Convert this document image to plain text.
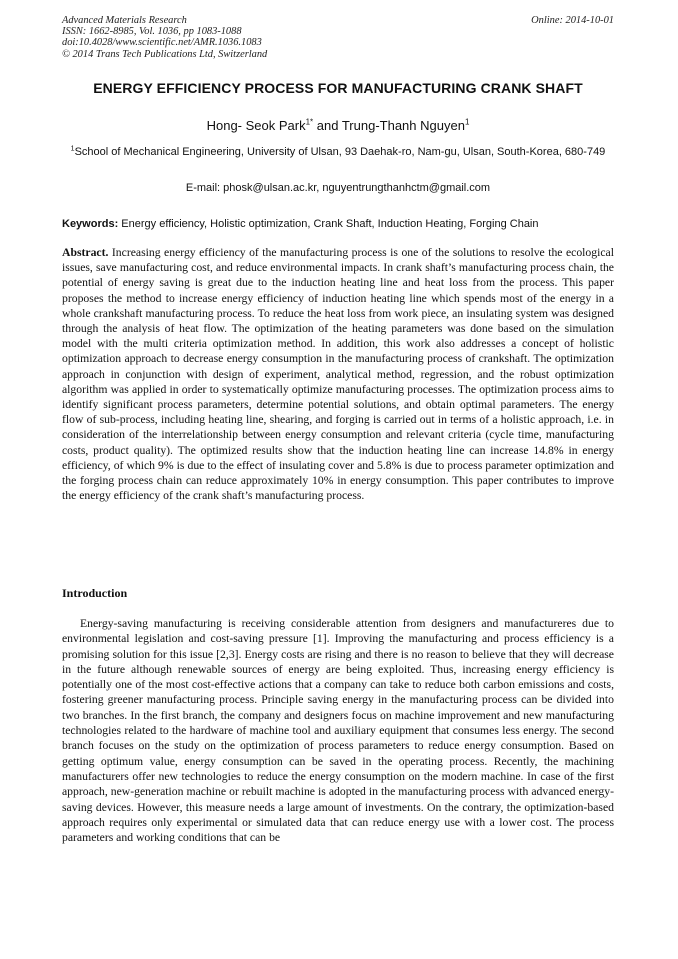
Advanced Materials Research
ISSN: 1662-8985, Vol. 1036, pp 1083-1088
doi:10.4028/www.scientific.net/AMR.1036.1083
© 2014 Trans Tech Publications Ltd, Switzerland
Online: 2014-10-01
ENERGY EFFICIENCY PROCESS FOR MANUFACTURING CRANK SHAFT
Hong- Seok Park$^{1*}$ and Trung-Thanh Nguyen$^1$
$^1$School of Mechanical Engineering, University of Ulsan, 93 Daehak-ro, Nam-gu, Ulsan, South-Korea, 680-749
E-mail: phosk@ulsan.ac.kr, nguyentrungthanhctm@gmail.com
Keywords: Energy efficiency, Holistic optimization, Crank Shaft, Induction Heating, Forging Chain

Abstract. Increasing energy efficiency of the manufacturing process is one of the solutions to resolve the ecological issues, save manufacturing cost, and reduce environmental impacts. In crank shaft’s manufacturing process chain, the potential of energy saving is great due to the induction heating line and heat loss from the process. This paper proposes the method to increase energy efficiency of induction heating line which spends most of the energy in a whole crankshaft manufacturing process. To reduce the heat loss from work piece, an insulating system was designed through the analysis of heat flow. The optimization of the heating parameters was done based on the simulation model with the multi criteria optimization method. In addition, this work also addresses a concept of holistic optimization approach to decrease energy consumption in the manufacturing process of crankshaft. The optimization approach in conjunction with design of experiment, analytical method, regression, and the robust optimization algorithm was applied in order to systematically optimize manufacturing processes. The optimization process aims to identify significant process parameters, determine potential solutions, and obtain optimal parameters. The energy flow of sub-process, including heating line, shearing, and forging is carried out in terms of a holistic approach, i.e. in consideration of the interrelationship between energy consumption and relevant criteria (cycle time, manufacturing costs, product quality). The optimized results show that the induction heating line can increase 14.8% in energy efficiency, of which 9% is due to the effect of insulating cover and 5.8% is due to process parameter optimization and the forging process chain can reduce approximately 10% in energy consumption. This paper contributes to improve the energy efficiency of the crank shaft’s manufacturing process.

Introduction

Energy-saving manufacturing is receiving considerable attention from designers and manufactureres due to environmental legislation and cost-saving pressure [1]. Improving the manufacturing and process efficiency is a promising solution for this issue [2,3]. Energy costs are rising and there is no reason to believe that they will decrease in the future although renewable sources of energy are being exploited. Thus, increasing energy efficiency is potentially one of the most cost-effective actions that a company can take to reduce both carbon emissions and costs, fostering greener manufacturing process. Principle saving energy in the manufacturing process can be divided into two branches. In the first branch, the company and designers focus on machine improvement and new manufacturing technologies related to the hardware of machine tool and auxiliary equipment that consumes less energy. The second branch focuses on the study on the optimization of process parameters to reduce energy consumption. Based on getting optimum value, energy consumption can be saved in the operating process. Recently, the machining manufacturers offer new technologies to reduce the energy consumption on the modern machine. In case of the first approach, new-generation machine or rebuilt machine is adopted in the manufacturing process with advanced energy-saving devices. However, this measure needs a large amount of investments. On the contrary, the optimization-based approach requires only experimental or simulated data that can reduce energy use with a lower cost. The process parameters and working conditions that can be
